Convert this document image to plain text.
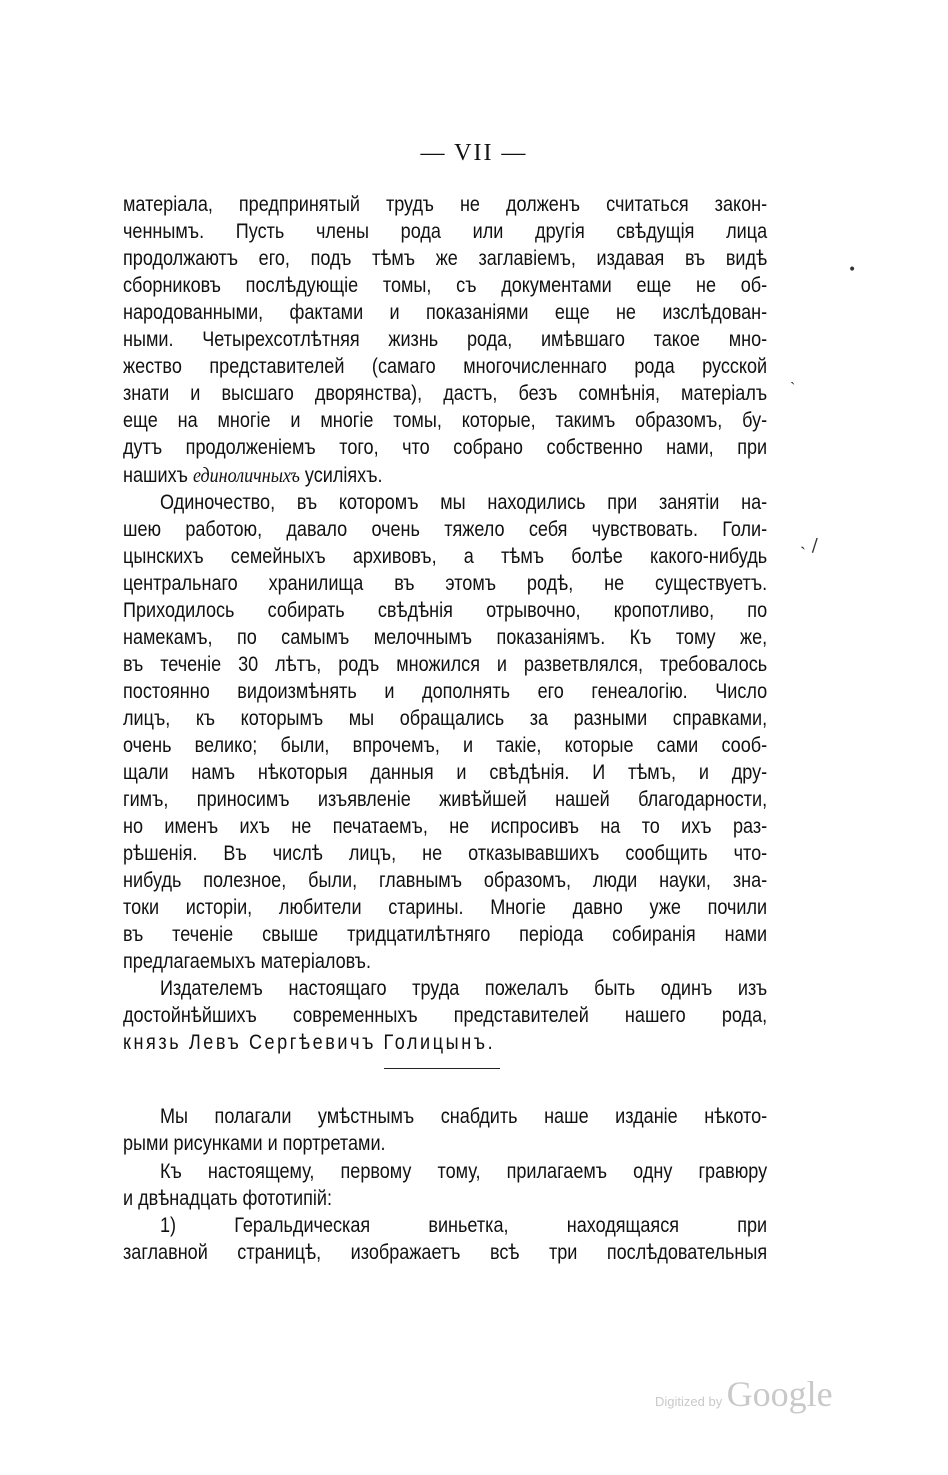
— VII —
матеріала, предпринятый трудъ не долженъ считаться закон-
ченнымъ. Пусть члены рода или другія свѣдущія лица
продолжаютъ его, подъ тѣмъ же заглавіемъ, издавая въ видѣ
сборниковъ послѣдующіе томы, съ документами еще не об-
народованными, фактами и показаніями еще не изслѣдован-
ными. Четырехсотлѣтняя жизнь рода, имѣвшаго такое мно-
жество представителей (самаго многочисленнаго рода русской
знати и высшаго дворянства), дастъ, безъ сомнѣнія, матеріалъ
еще на многіе и многіе томы, которые, такимъ образомъ, бу-
дутъ продолженіемъ того, что собрано собственно нами, при
нашихъ единоличныхъ усиліяхъ.
Одиночество, въ которомъ мы находились при занятіи на-
шею работою, давало очень тяжело себя чувствовать. Голи-
цынскихъ семейныхъ архивовъ, а тѣмъ болѣе какого-нибудь
центральнаго хранилища въ этомъ родѣ, не существуетъ.
Приходилось собирать свѣдѣнія отрывочно, кропотливо, по
намекамъ, по самымъ мелочнымъ показаніямъ. Къ тому же,
въ теченіе 30 лѣтъ, родъ множился и разветвлялся, требовалось
постоянно видоизмѣнять и дополнять его генеалогію. Число
лицъ, къ которымъ мы обращались за разными справками,
очень велико; были, впрочемъ, и такіе, которые сами сооб-
щали намъ нѣкоторыя данныя и свѣдѣнія. И тѣмъ, и дру-
гимъ, приносимъ изъявленіе живѣйшей нашей благодарности,
но именъ ихъ не печатаемъ, не испросивъ на то ихъ раз-
рѣшенія. Въ числѣ лицъ, не отказывавшихъ сообщить что-
нибудь полезное, были, главнымъ образомъ, люди науки, зна-
токи исторіи, любители старины. Многіе давно уже почили
въ теченіе свыше тридцатилѣтняго періода собиранія нами
предлагаемыхъ матеріаловъ.
Издателемъ настоящаго труда пожелалъ быть одинъ изъ
достойнѣйшихъ современныхъ представителей нашего рода,
князь Левъ Сергѣевичъ Голицынъ.
Мы полагали умѣстнымъ снабдить наше изданіе нѣкото-
рыми рисунками и портретами.
Къ настоящему, первому тому, прилагаемъ одну гравюру
и двѣнадцать фототипій:
1) Геральдическая виньетка, находящаяся при
заглавной страницѣ, изображаетъ всѣ три послѣдовательныя
•
ˎ
˴ /
Digitized by Google
